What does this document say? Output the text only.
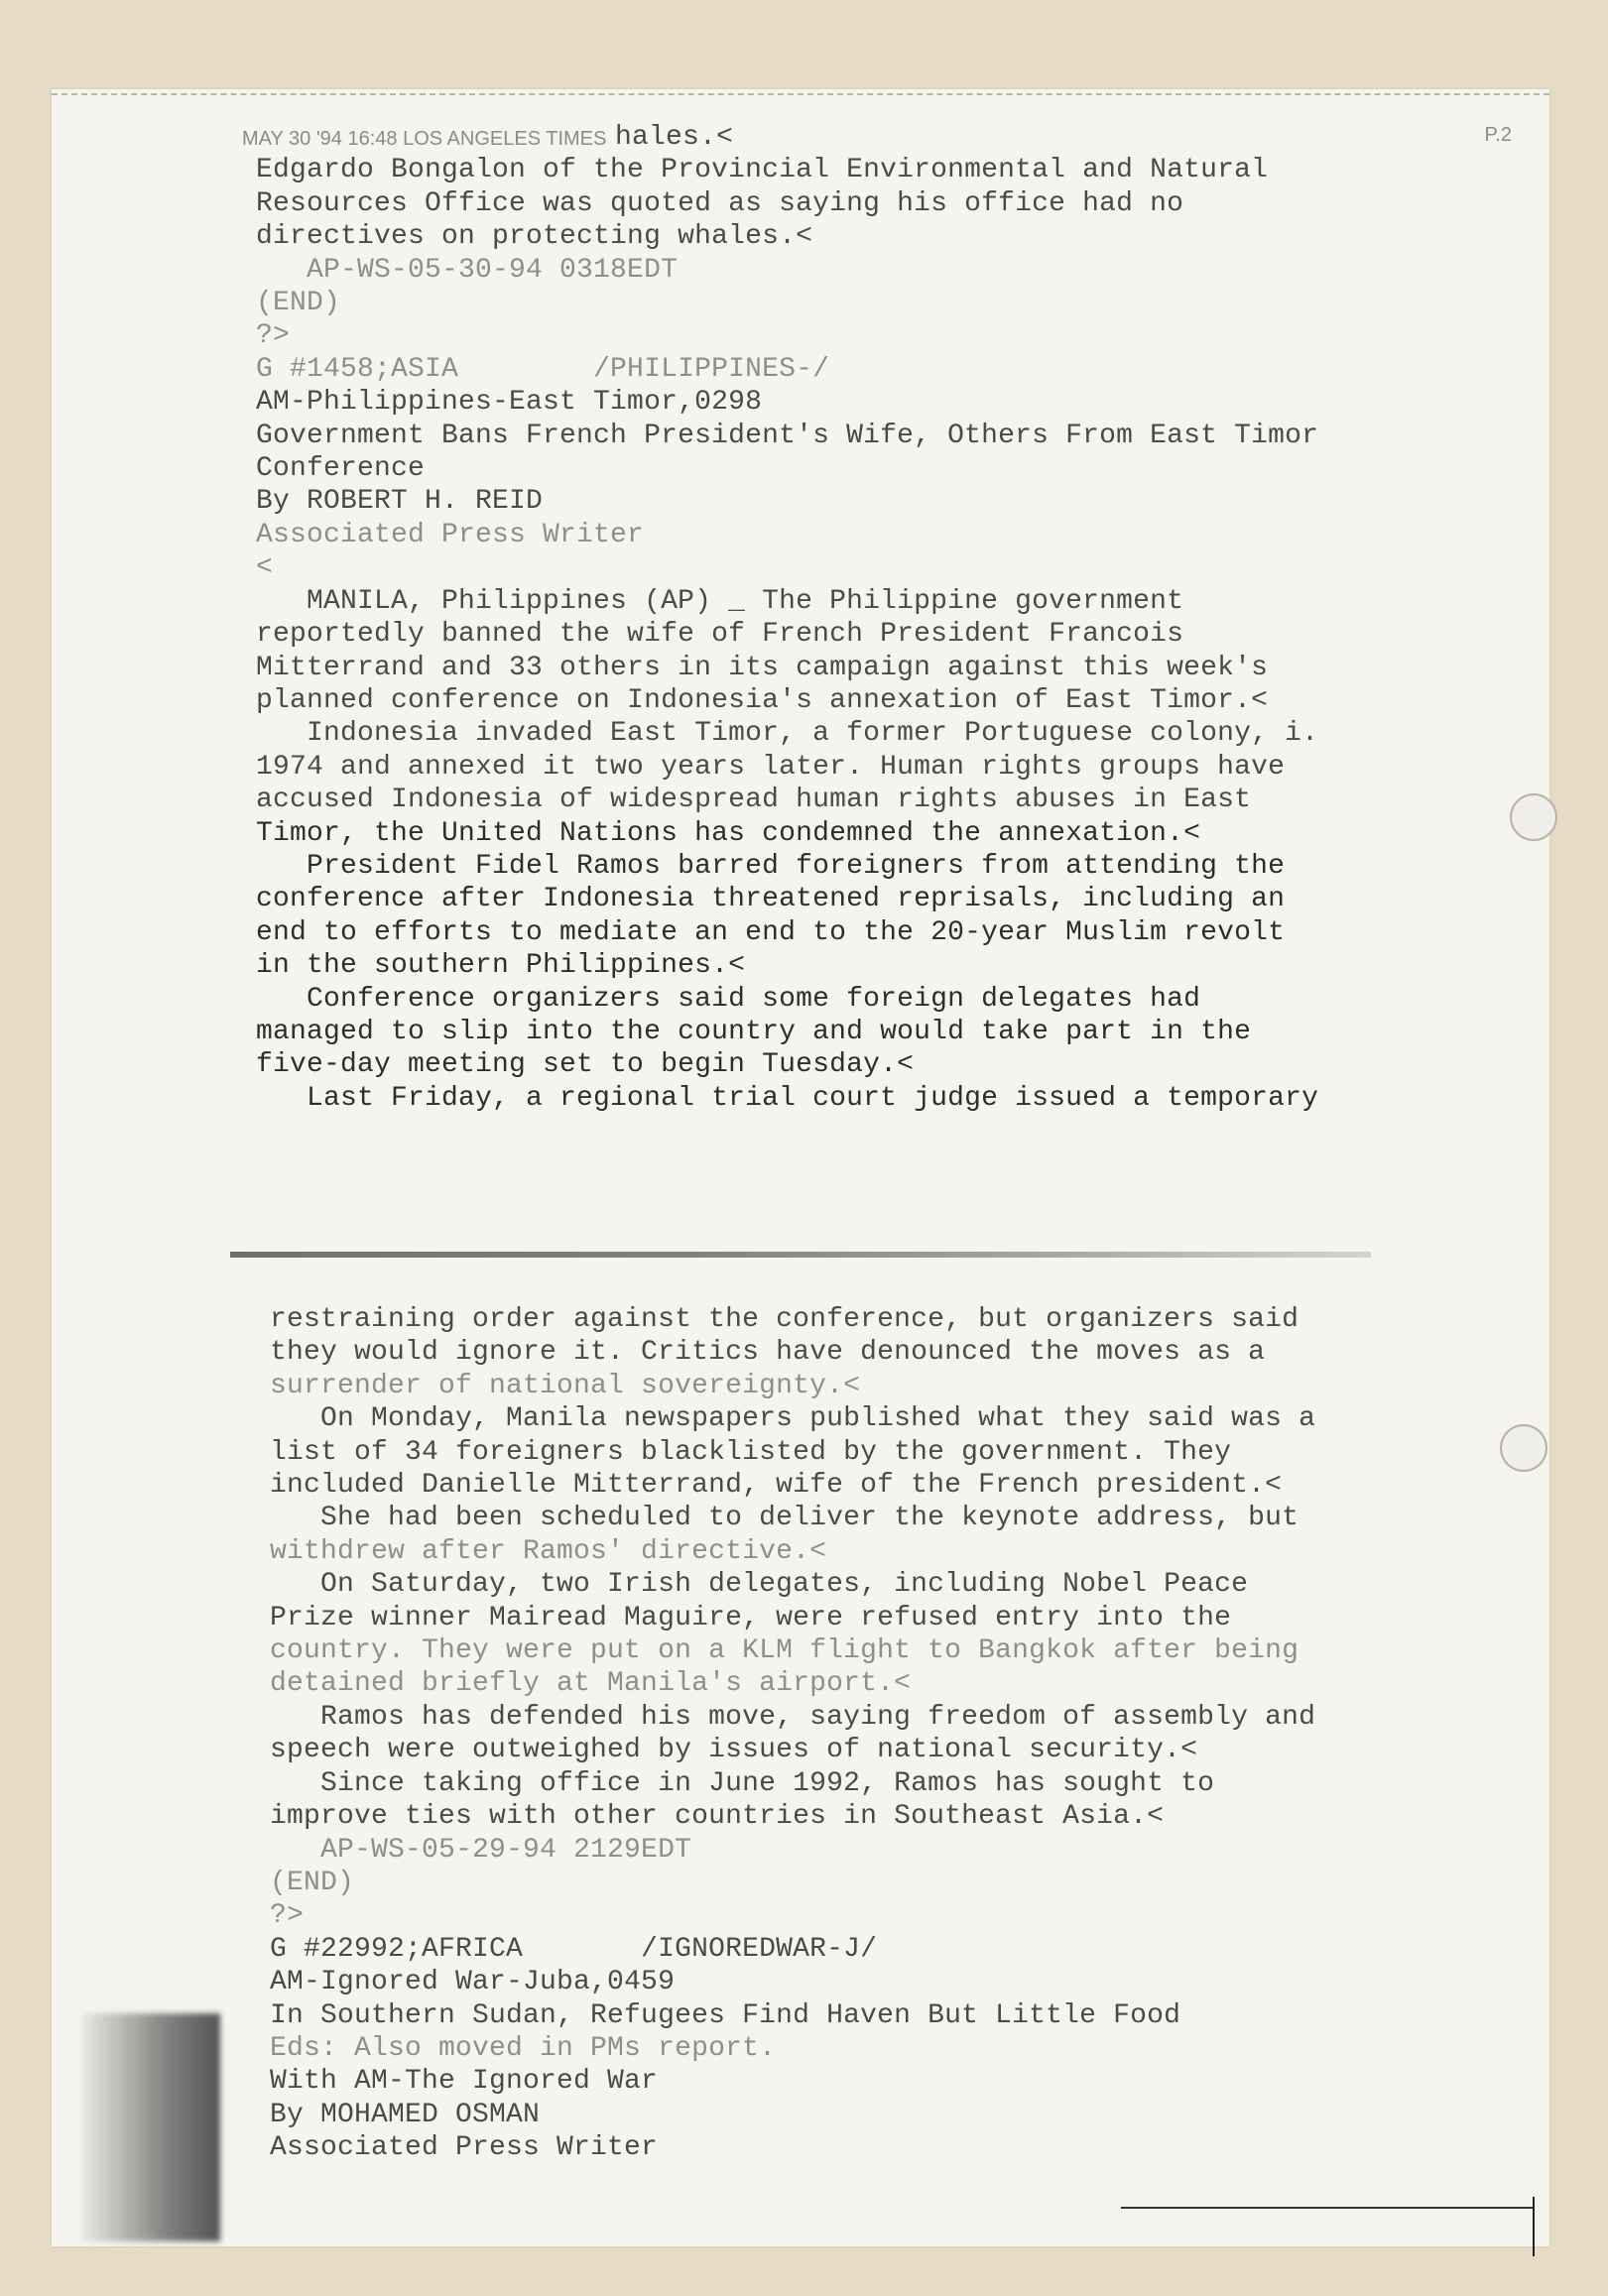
MAY 30 '94 16:48 LOS ANGELES TIMES	P.2
hales.<
Edgardo Bongalon of the Provincial Environmental and Natural
Resources Office was quoted as saying his office had no
directives on protecting whales.<
AP-WS-05-30-94 0318EDT
(END)
?>
G #1458;ASIA        /PHILIPPINES-/
AM-Philippines-East Timor,0298
Government Bans French President's Wife, Others From East Timor
Conference
By ROBERT H. REID
Associated Press Writer
<
MANILA, Philippines (AP) _ The Philippine government
reportedly banned the wife of French President Francois
Mitterrand and 33 others in its campaign against this week's
planned conference on Indonesia's annexation of East Timor.<
Indonesia invaded East Timor, a former Portuguese colony, i.
1974 and annexed it two years later. Human rights groups have
accused Indonesia of widespread human rights abuses in East
Timor, the United Nations has condemned the annexation.<
President Fidel Ramos barred foreigners from attending the
conference after Indonesia threatened reprisals, including an
end to efforts to mediate an end to the 20-year Muslim revolt
in the southern Philippines.<
Conference organizers said some foreign delegates had
managed to slip into the country and would take part in the
five-day meeting set to begin Tuesday.<
Last Friday, a regional trial court judge issued a temporary
restraining order against the conference, but organizers said
they would ignore it. Critics have denounced the moves as a
surrender of national sovereignty.<
On Monday, Manila newspapers published what they said was a
list of 34 foreigners blacklisted by the government. They
included Danielle Mitterrand, wife of the French president.<
She had been scheduled to deliver the keynote address, but
withdrew after Ramos' directive.<
On Saturday, two Irish delegates, including Nobel Peace
Prize winner Mairead Maguire, were refused entry into the
country. They were put on a KLM flight to Bangkok after being
detained briefly at Manila's airport.<
Ramos has defended his move, saying freedom of assembly and
speech were outweighed by issues of national security.<
Since taking office in June 1992, Ramos has sought to
improve ties with other countries in Southeast Asia.<
AP-WS-05-29-94 2129EDT
(END)
?>
G #22992;AFRICA       /IGNOREDWAR-J/
AM-Ignored War-Juba,0459
In Southern Sudan, Refugees Find Haven But Little Food
Eds: Also moved in PMs report.
With AM-The Ignored War
By MOHAMED OSMAN
Associated Press Writer
